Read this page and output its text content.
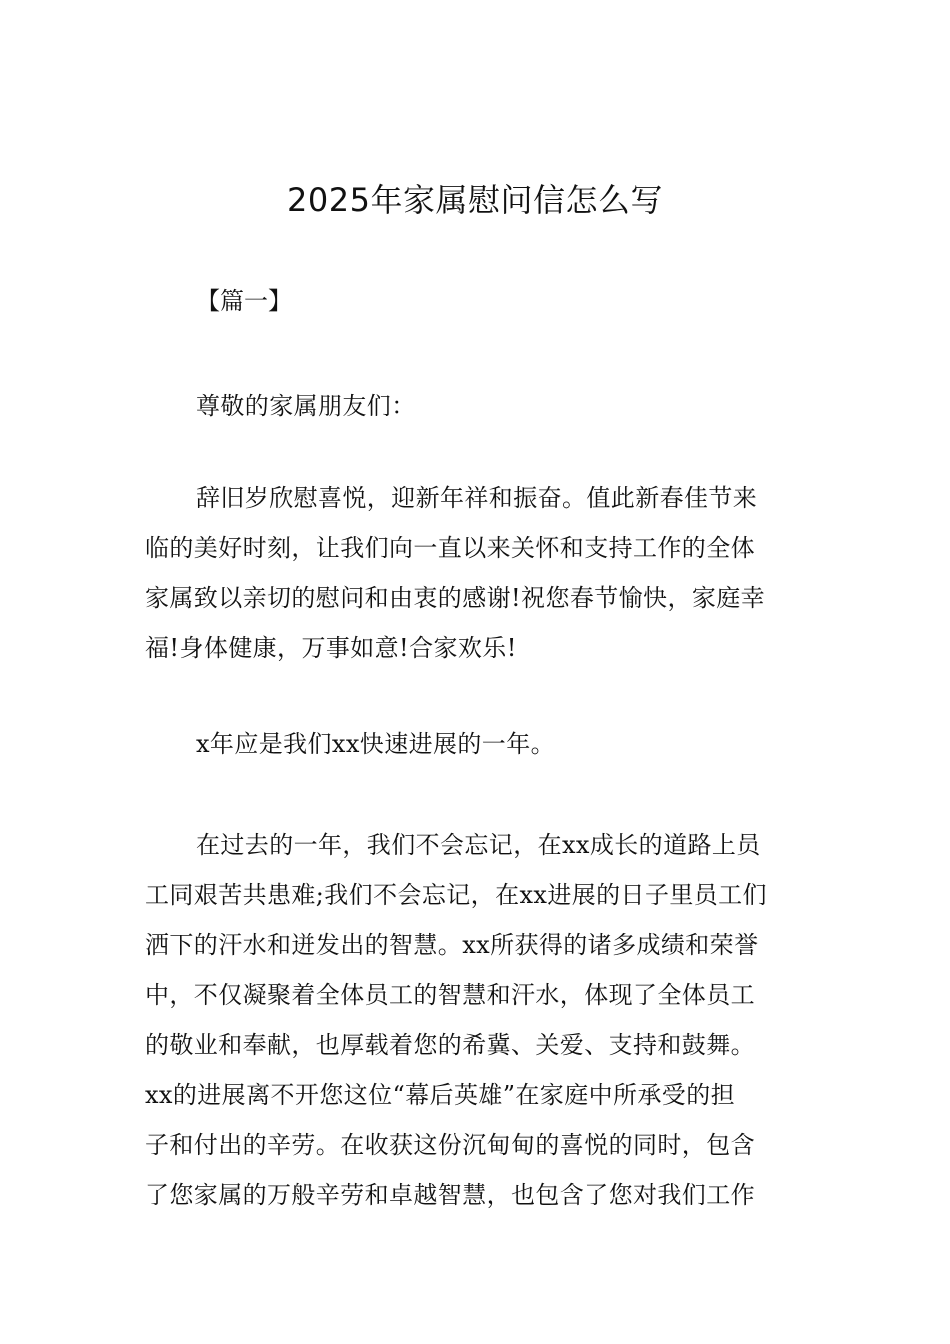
2025年家属慰问信怎么写
【篇一】
尊敬的家属朋友们：
辞旧岁欣慰喜悦，迎新年祥和振奋。值此新春佳节来
临的美好时刻，让我们向一直以来关怀和支持工作的全体
家属致以亲切的慰问和由衷的感谢!祝您春节愉快，家庭幸
福!身体健康，万事如意!合家欢乐!
x年应是我们xx快速进展的一年。
在过去的一年，我们不会忘记，在xx成长的道路上员
工同艰苦共患难;我们不会忘记，在xx进展的日子里员工们
洒下的汗水和迸发出的智慧。xx所获得的诸多成绩和荣誉
中，不仅凝聚着全体员工的智慧和汗水，体现了全体员工
的敬业和奉献，也厚载着您的希冀、关爱、支持和鼓舞。
xx的进展离不开您这位“幕后英雄”在家庭中所承受的担
子和付出的辛劳。在收获这份沉甸甸的喜悦的同时，包含
了您家属的万般辛劳和卓越智慧，也包含了您对我们工作
